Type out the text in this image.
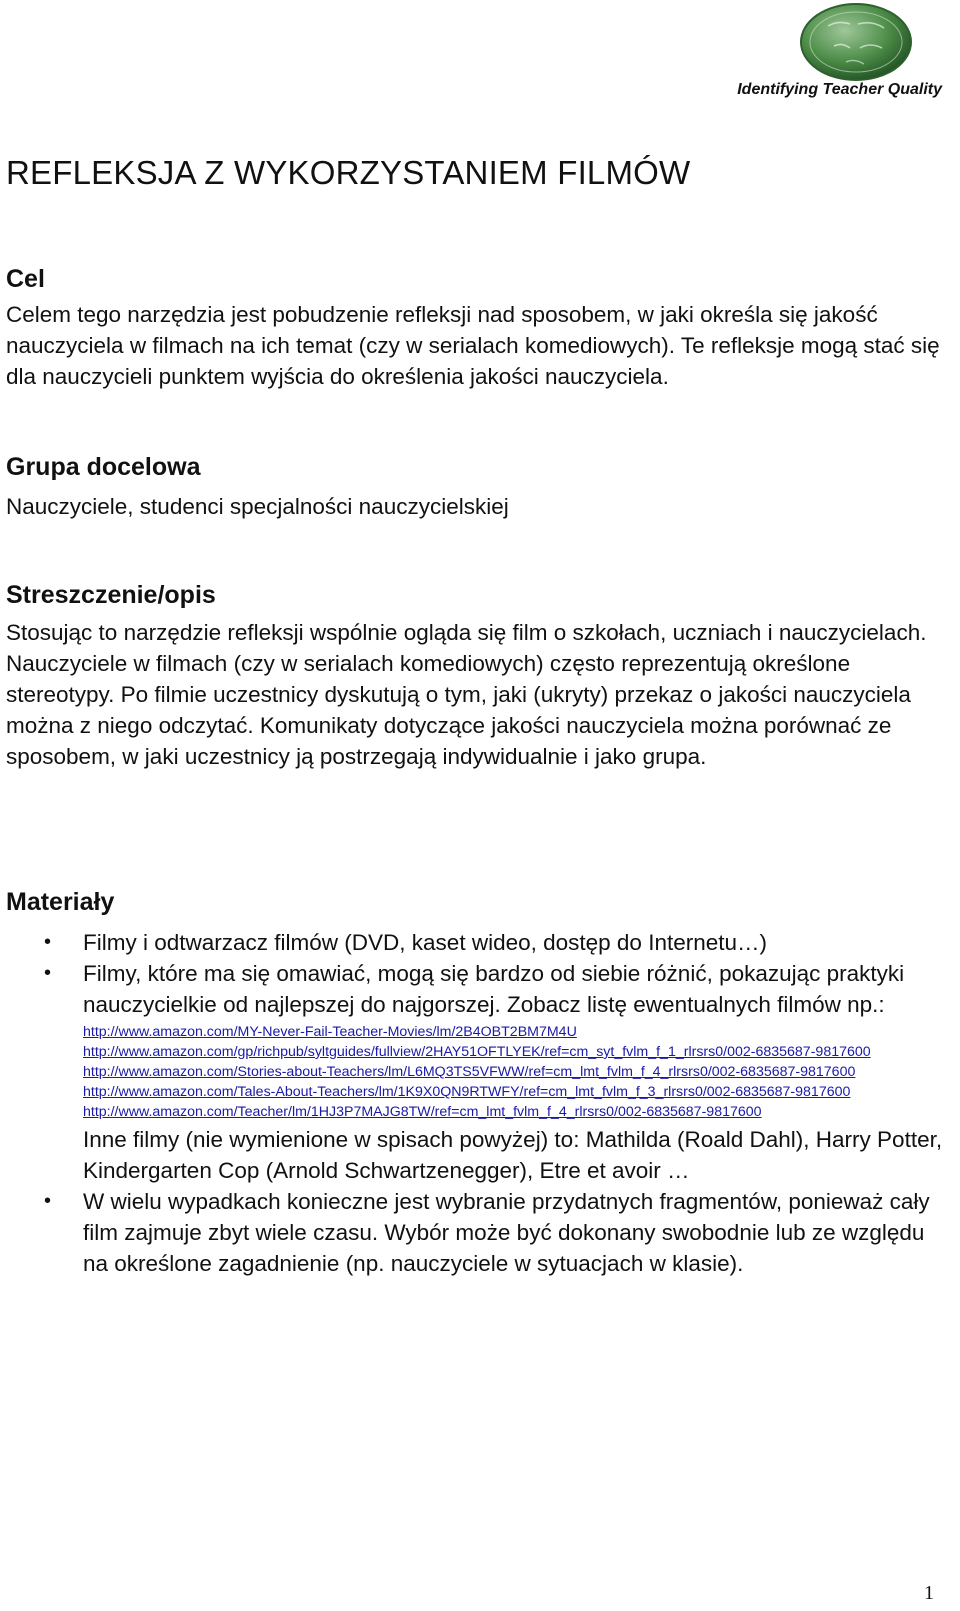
Identifying Teacher Quality
REFLEKSJA Z WYKORZYSTANIEM FILMÓW
Cel

Celem tego narzędzia jest pobudzenie refleksji nad sposobem, w jaki określa się jakość nauczyciela w filmach na ich temat (czy w serialach komediowych). Te refleksje mogą stać się dla nauczycieli punktem wyjścia do określenia jakości nauczyciela.

Grupa docelowa

Nauczyciele, studenci specjalności nauczycielskiej

Streszczenie/opis

Stosując to narzędzie refleksji wspólnie ogląda się film o szkołach, uczniach i nauczycielach. Nauczyciele w filmach (czy w serialach komediowych) często reprezentują określone stereotypy. Po filmie uczestnicy dyskutują o tym, jaki (ukryty) przekaz o jakości nauczyciela można z niego odczytać. Komunikaty dotyczące jakości nauczyciela można porównać ze sposobem, w jaki uczestnicy ją postrzegają indywidualnie i jako grupa.

Materiały
• Filmy i odtwarzacz filmów (DVD, kaset wideo, dostęp do Internetu…)
• Filmy, które ma się omawiać, mogą się bardzo od siebie różnić, pokazując praktyki nauczycielkie od najlepszej do najgorszej. Zobacz listę ewentualnych filmów np.:
http://www.amazon.com/MY-Never-Fail-Teacher-Movies/lm/2B4OBT2BM7M4U
http://www.amazon.com/gp/richpub/syltguides/fullview/2HAY51OFTLYEK/ref=cm_syt_fvlm_f_1_rlrsrs0/002-6835687-9817600
http://www.amazon.com/Stories-about-Teachers/lm/L6MQ3TS5VFWW/ref=cm_lmt_fvlm_f_4_rlrsrs0/002-6835687-9817600
http://www.amazon.com/Tales-About-Teachers/lm/1K9X0QN9RTWFY/ref=cm_lmt_fvlm_f_3_rlrsrs0/002-6835687-9817600
http://www.amazon.com/Teacher/lm/1HJ3P7MAJG8TW/ref=cm_lmt_fvlm_f_4_rlrsrs0/002-6835687-9817600
Inne filmy (nie wymienione w spisach powyżej) to: Mathilda (Roald Dahl), Harry Potter, Kindergarten Cop (Arnold Schwartzenegger), Etre et avoir …
• W wielu wypadkach konieczne jest wybranie przydatnych fragmentów, ponieważ cały film zajmuje zbyt wiele czasu. Wybór może być dokonany swobodnie lub ze względu na określone zagadnienie (np. nauczyciele w sytuacjach w klasie).
1
